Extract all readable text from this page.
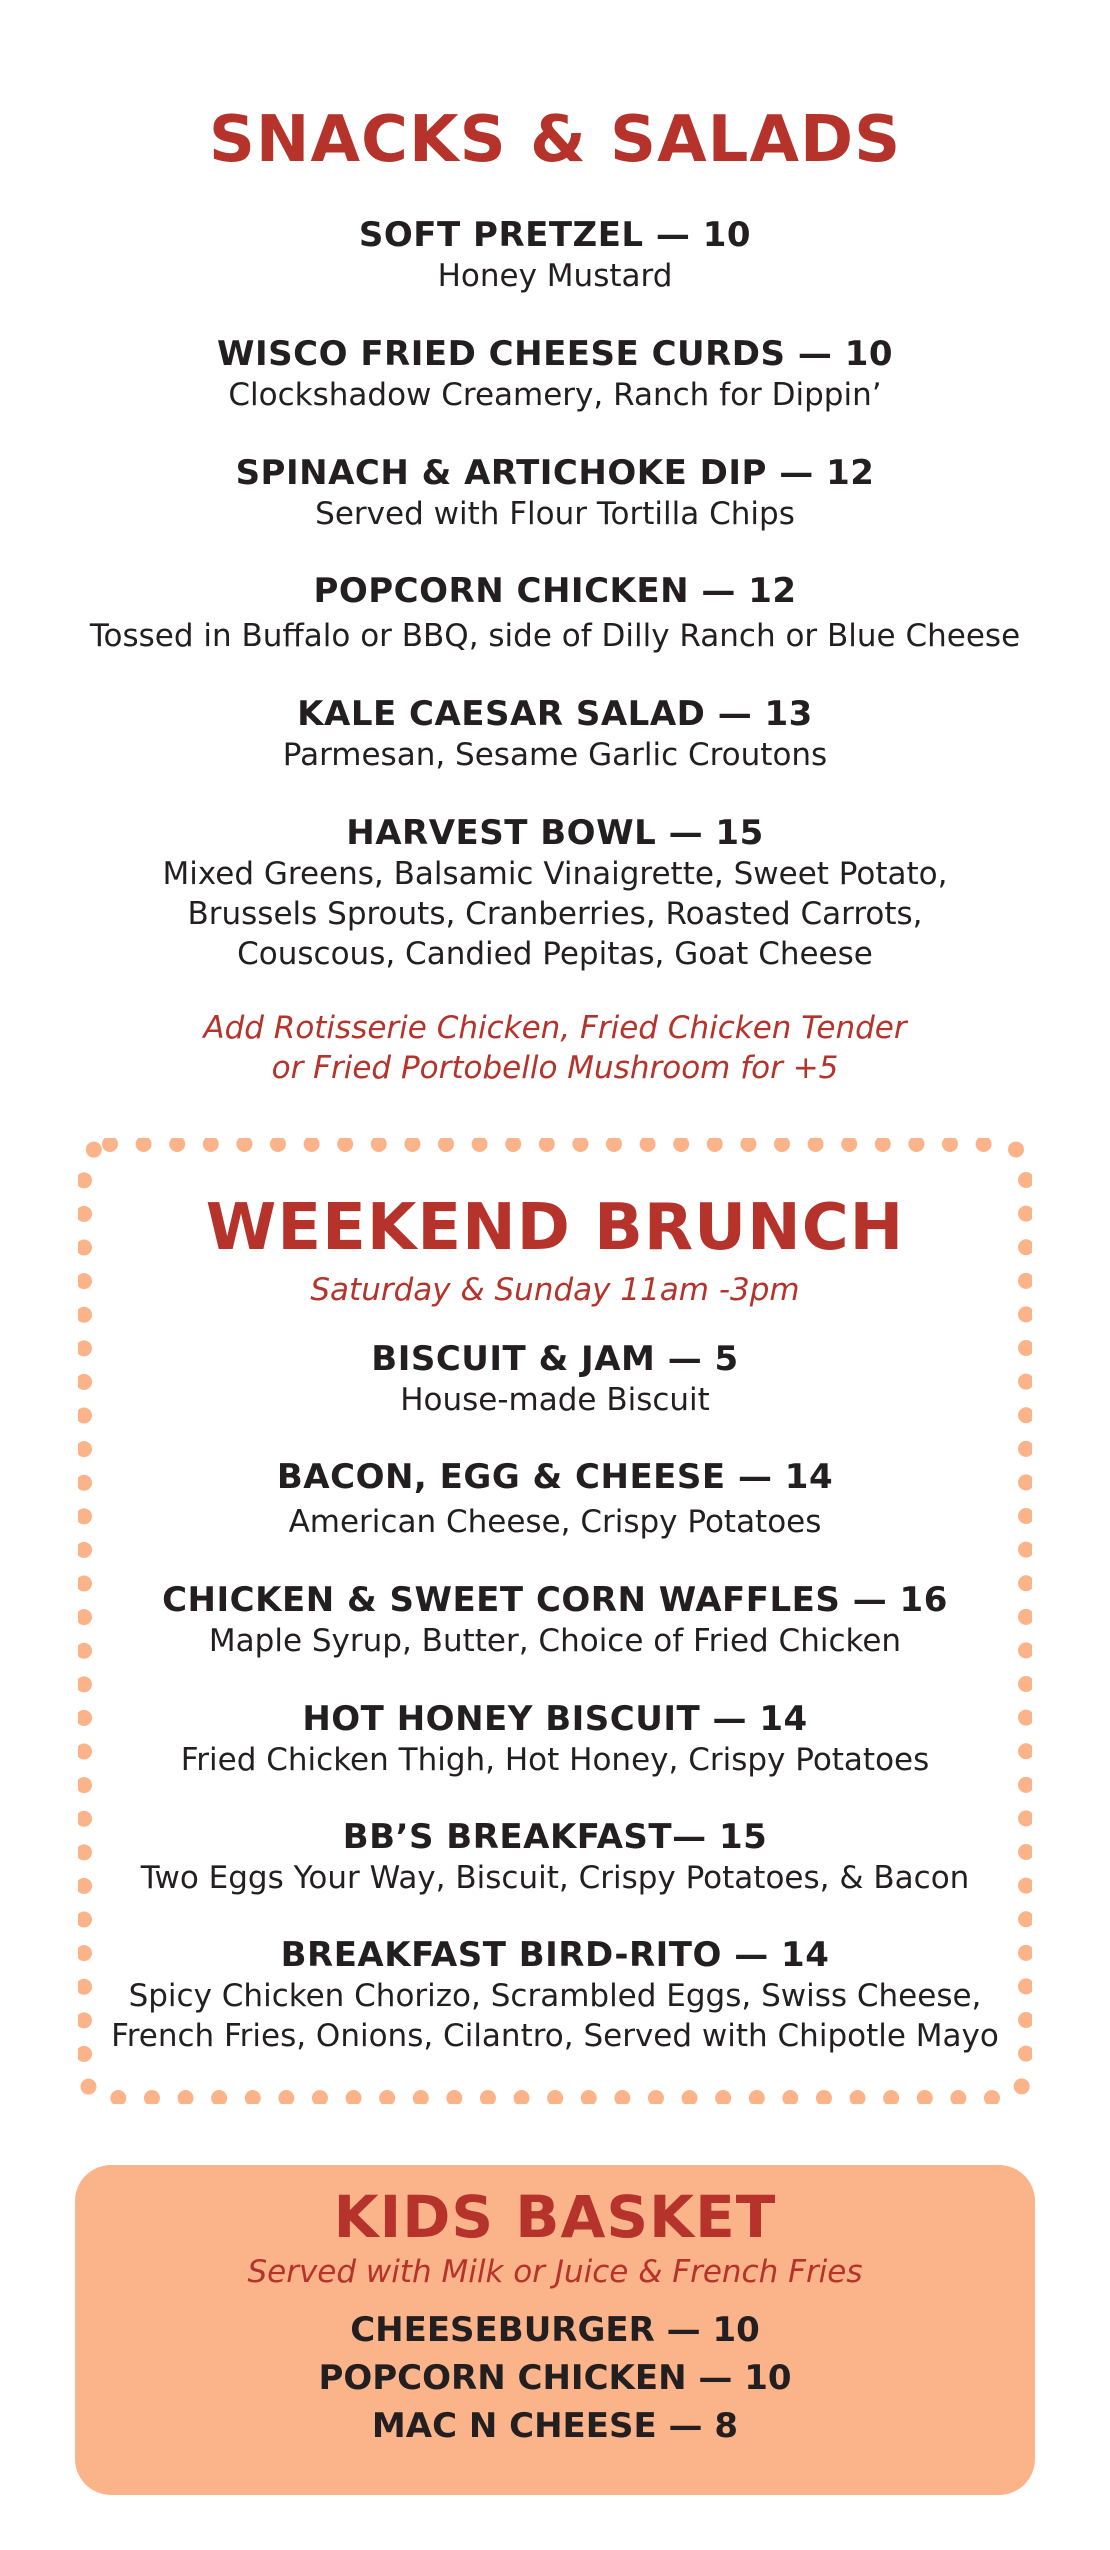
SNACKS & SALADS
SOFT PRETZEL — 10
Honey Mustard
WISCO FRIED CHEESE CURDS — 10
Clockshadow Creamery, Ranch for Dippin’
SPINACH & ARTICHOKE DIP — 12
Served with Flour Tortilla Chips
POPCORN CHICKEN — 12
Tossed in Buffalo or BBQ, side of Dilly Ranch or Blue Cheese
KALE CAESAR SALAD — 13
Parmesan, Sesame Garlic Croutons
HARVEST BOWL — 15
Mixed Greens, Balsamic Vinaigrette, Sweet Potato,
Brussels Sprouts, Cranberries, Roasted Carrots,
Couscous, Candied Pepitas, Goat Cheese
Add Rotisserie Chicken, Fried Chicken Tender
or Fried Portobello Mushroom for +5
WEEKEND BRUNCH
Saturday & Sunday 11am -3pm
BISCUIT & JAM — 5
House-made Biscuit
BACON, EGG & CHEESE — 14
American Cheese, Crispy Potatoes
CHICKEN & SWEET CORN WAFFLES — 16
Maple Syrup, Butter, Choice of Fried Chicken
HOT HONEY BISCUIT — 14
Fried Chicken Thigh, Hot Honey, Crispy Potatoes
BB’S BREAKFAST— 15
Two Eggs Your Way, Biscuit, Crispy Potatoes, & Bacon
BREAKFAST BIRD-RITO — 14
Spicy Chicken Chorizo, Scrambled Eggs, Swiss Cheese,
French Fries, Onions, Cilantro, Served with Chipotle Mayo
KIDS BASKET
Served with Milk or Juice & French Fries
CHEESEBURGER — 10
POPCORN CHICKEN — 10
MAC N CHEESE — 8
